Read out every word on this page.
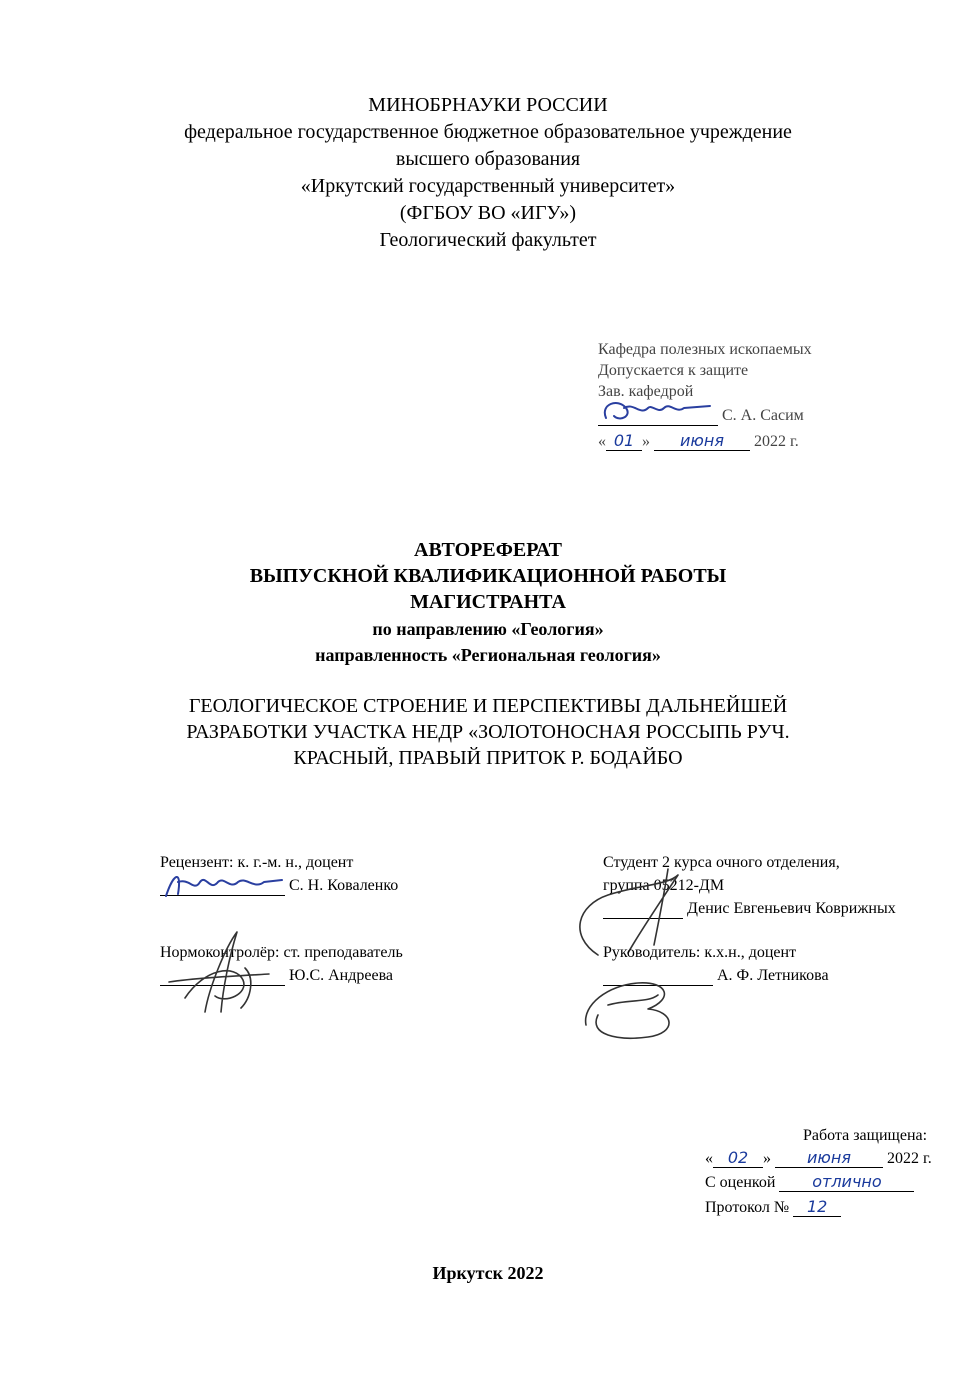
МИНОБРНАУКИ РОССИИ
федеральное государственное бюджетное образовательное учреждение
высшего образования
«Иркутский государственный университет»
(ФГБОУ ВО «ИГУ»)
Геологический факультет
Кафедра полезных ископаемых
Допускается к защите
Зав. кафедрой
С. А. Сасим
« 01 » июня 2022 г.
АВТОРЕФЕРАТ
ВЫПУСКНОЙ КВАЛИФИКАЦИОННОЙ РАБОТЫ
МАГИСТРАНТА
по направлению «Геология»
направленность «Региональная геология»
ГЕОЛОГИЧЕСКОЕ СТРОЕНИЕ И ПЕРСПЕКТИВЫ ДАЛЬНЕЙШЕЙ
РАЗРАБОТКИ УЧАСТКА НЕДР «ЗОЛОТОНОСНАЯ РОССЫПЬ РУЧ.
КРАСНЫЙ, ПРАВЫЙ ПРИТОК Р. БОДАЙБО
Рецензент: к. г.-м. н., доцент
С. Н. Коваленко
Нормоконтролёр: ст. преподаватель
Ю.С. Андреева
Студент 2 курса очного отделения,
группа 05212-ДМ
Денис Евгеньевич Коврижных
Руководитель: к.х.н., доцент
А. Ф. Летникова
Работа защищена:
« 02 » июня 2022 г.
С оценкой отлично
Протокол № 12
Иркутск 2022
